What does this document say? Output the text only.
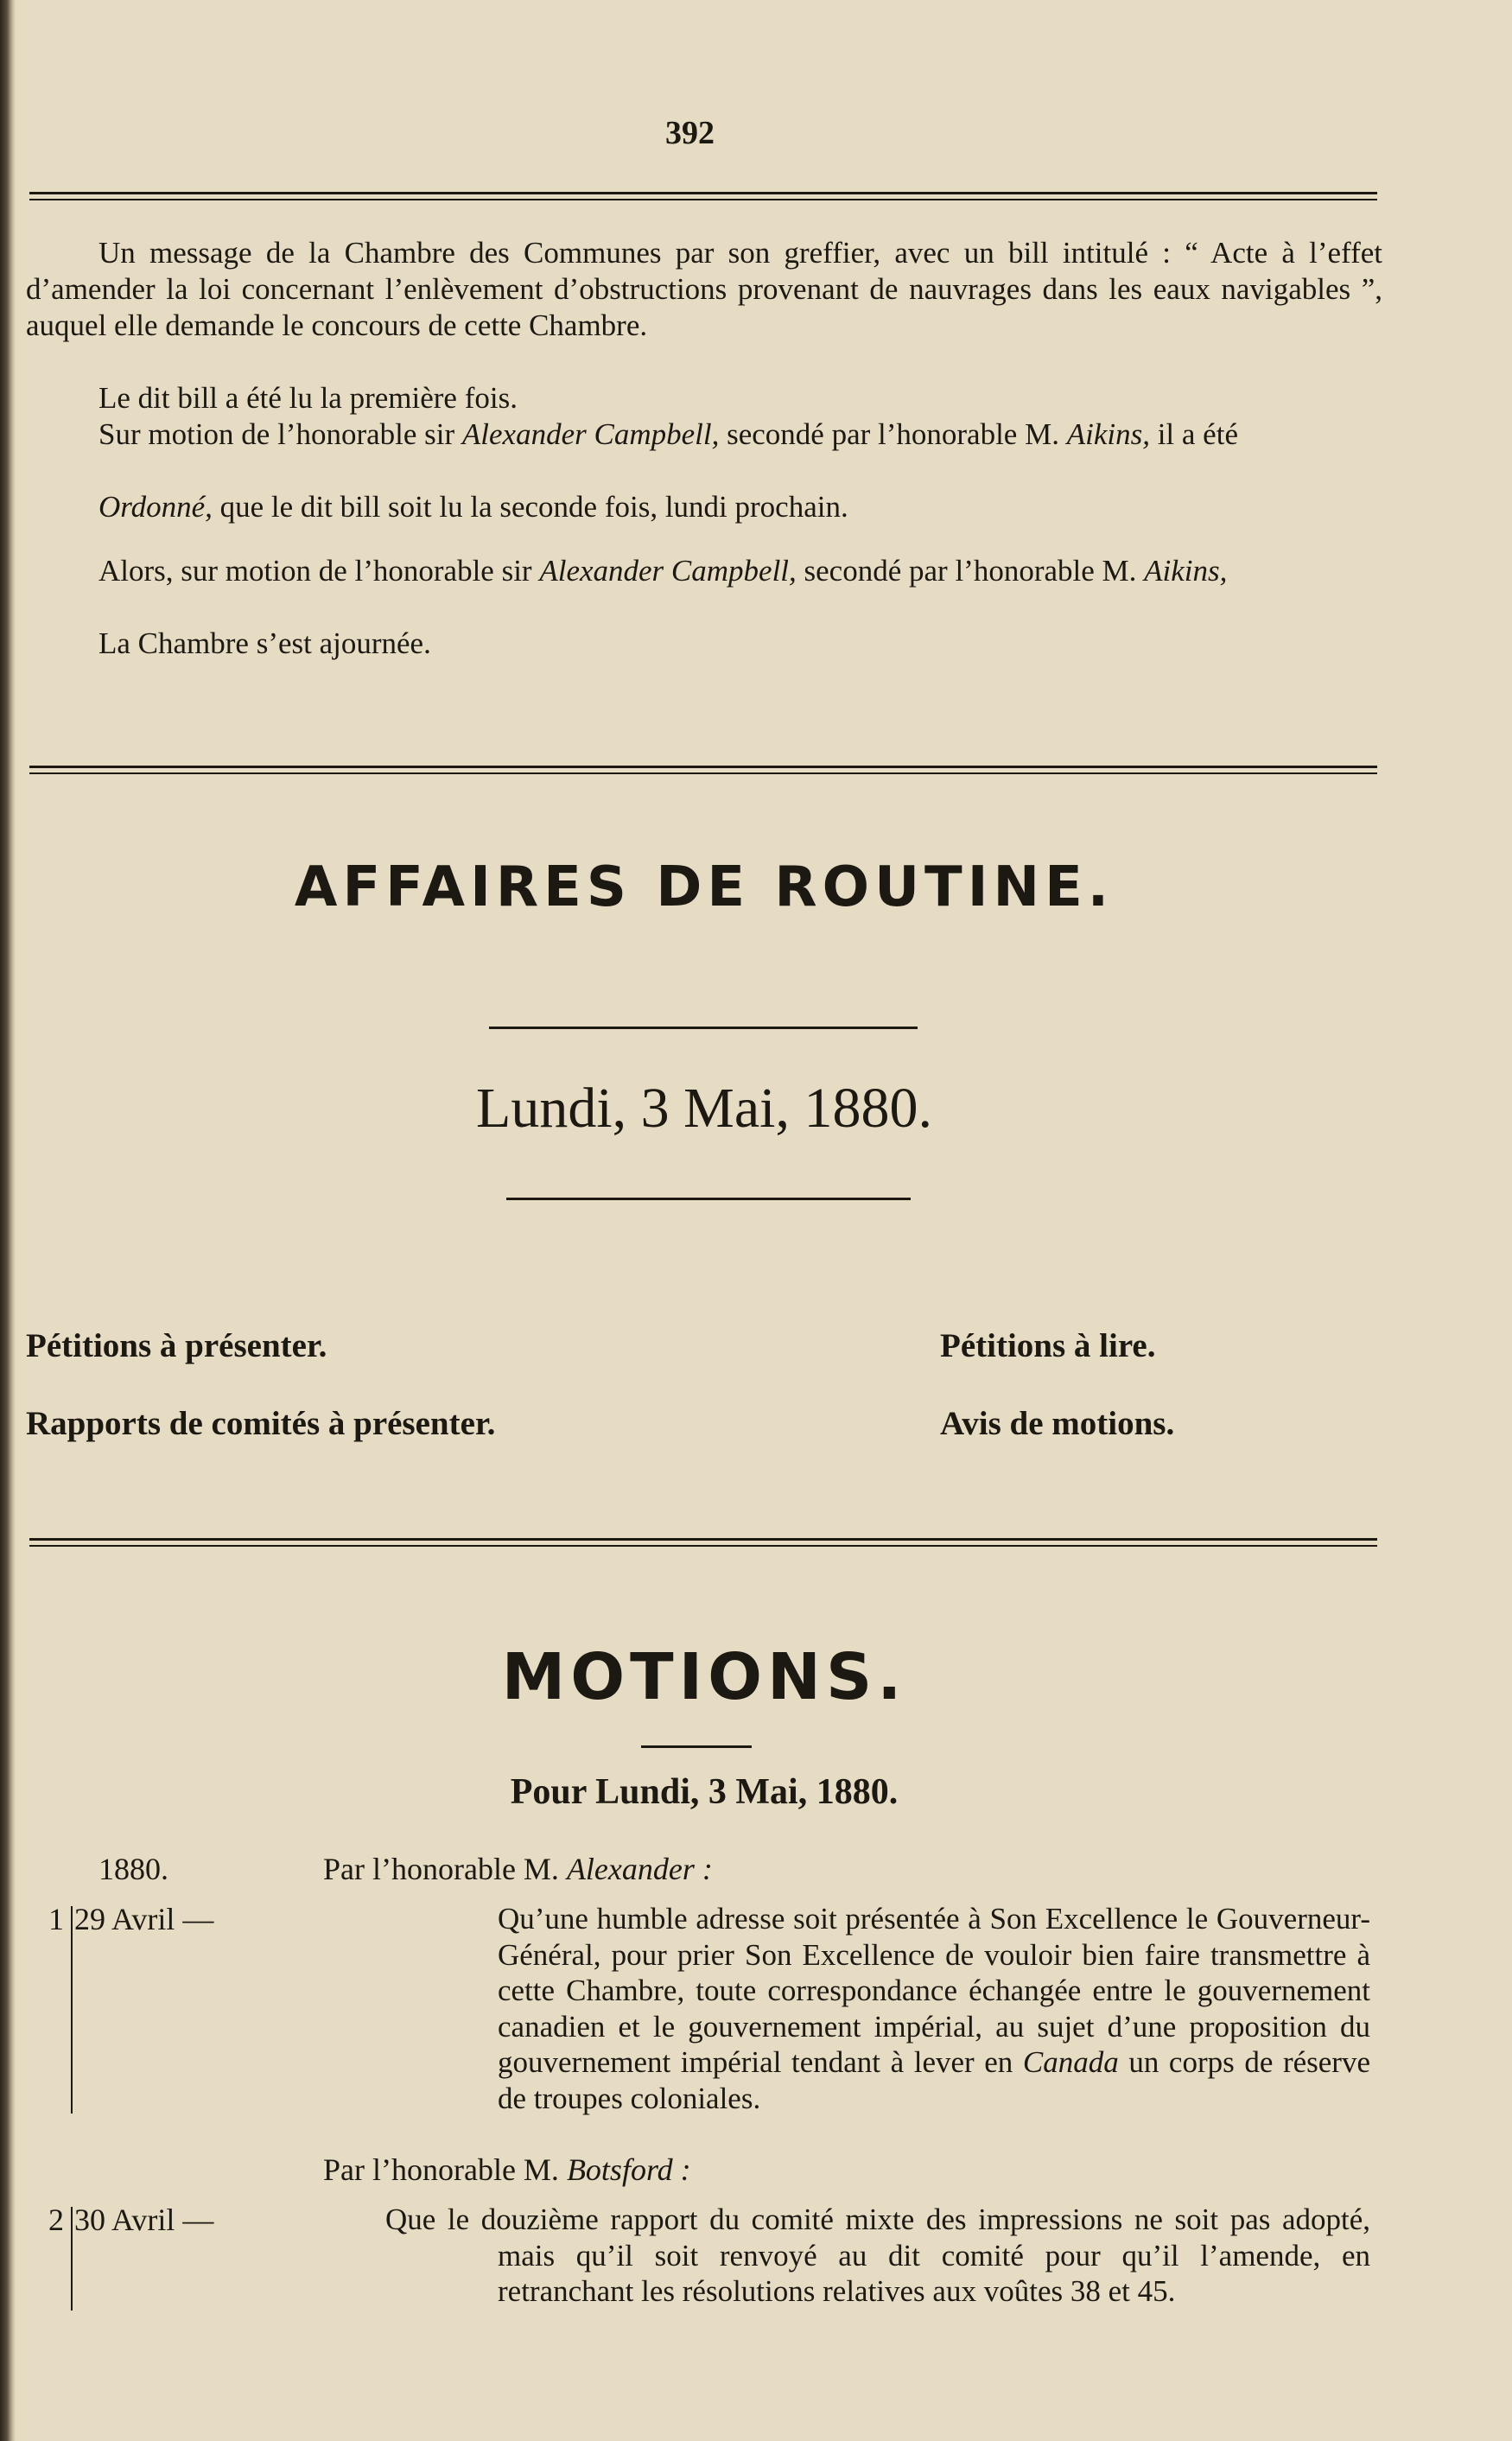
392
Un message de la Chambre des Communes par son greffier, avec un bill intitulé : “ Acte à l’effet d’amender la loi concernant l’enlèvement d’obstructions provenant de nauvrages dans les eaux navigables ”, auquel elle demande le concours de cette Chambre.
Le dit bill a été lu la première fois.
Sur motion de l’honorable sir Alexander Campbell, secondé par l’honorable M. Aikins, il a été
Ordonné, que le dit bill soit lu la seconde fois, lundi prochain.
Alors, sur motion de l’honorable sir Alexander Campbell, secondé par l’honorable M. Aikins,
La Chambre s’est ajournée.
AFFAIRES DE ROUTINE.
Lundi, 3 Mai, 1880.
Pétitions à présenter.	Pétitions à lire.
Rapports de comités à présenter.	Avis de motions.
MOTIONS.
Pour Lundi, 3 Mai, 1880.
1880.	Par l’honorable M. Alexander :
1 29 Avril —	Qu’une humble adresse soit présentée à Son Excellence le Gouverneur-Général, pour prier Son Excellence de vouloir bien faire transmettre à cette Chambre, toute correspondance échangée entre le gouvernement canadien et le gouvernement impérial, au sujet d’une proposition du gouvernement impérial tendant à lever en Canada un corps de réserve de troupes coloniales.
Par l’honorable M. Botsford :
2 30 Avril —	Que le douzième rapport du comité mixte des impressions ne soit pas adopté, mais qu’il soit renvoyé au dit comité pour qu’il l’amende, en retranchant les résolutions relatives aux voûtes 38 et 45.
